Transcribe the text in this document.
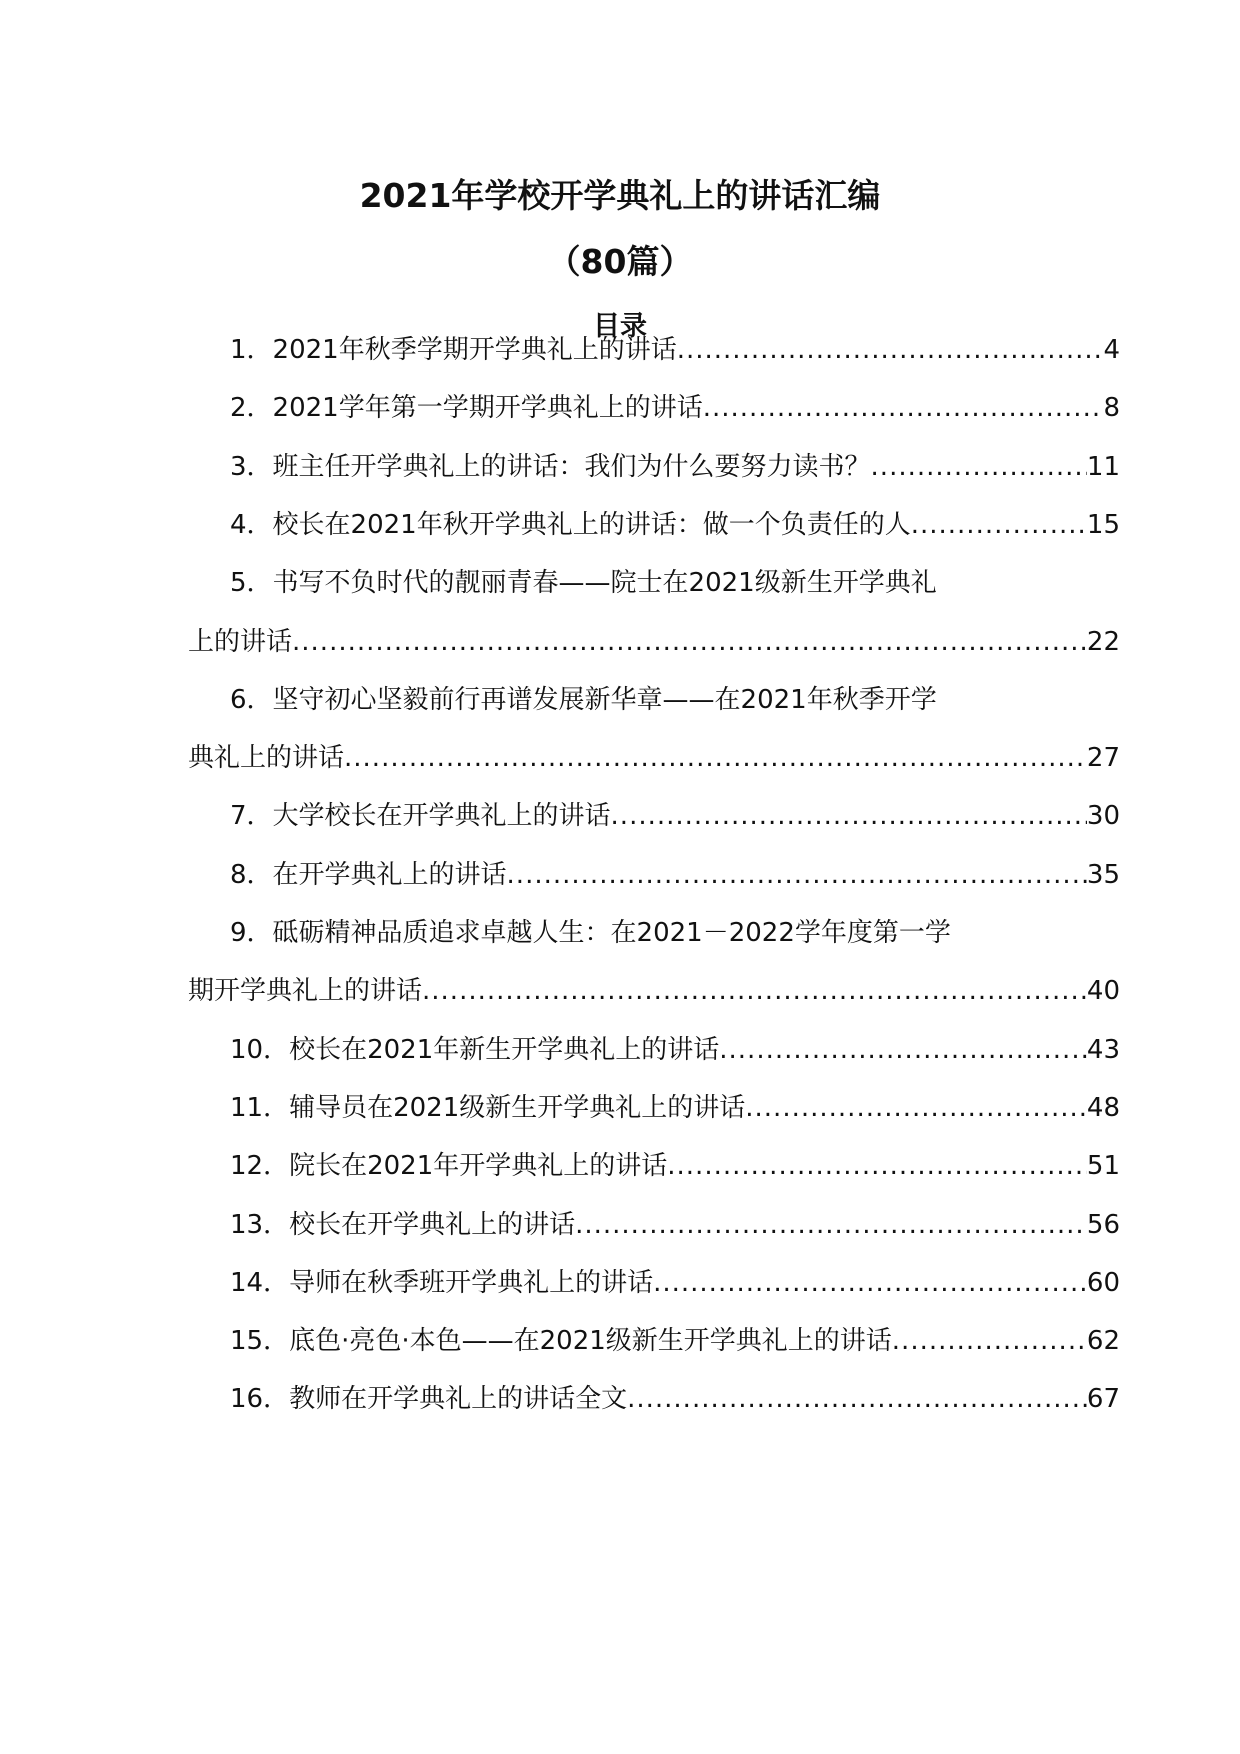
2021年学校开学典礼上的讲话汇编
（80篇）
目录
1．2021年秋季学期开学典礼上的讲话 .....	4
2．2021学年第一学期开学典礼上的讲话 .....	8
3．班主任开学典礼上的讲话：我们为什么要努力读书？ .....	11
4．校长在2021年秋开学典礼上的讲话：做一个负责任的人 .....	15
5．书写不负时代的靓丽青春——院士在2021级新生开学典礼
上的讲话 .....	22
6．坚守初心坚毅前行再谱发展新华章——在2021年秋季开学
典礼上的讲话 .....	27
7．大学校长在开学典礼上的讲话 .....	30
8．在开学典礼上的讲话 .....	35
9．砥砺精神品质追求卓越人生：在2021－2022学年度第一学
期开学典礼上的讲话 .....	40
10．校长在2021年新生开学典礼上的讲话 .....	43
11．辅导员在2021级新生开学典礼上的讲话 .....	48
12．院长在2021年开学典礼上的讲话 .....	51
13．校长在开学典礼上的讲话 .....	56
14．导师在秋季班开学典礼上的讲话 .....	60
15．底色·亮色·本色——在2021级新生开学典礼上的讲话 .....	62
16．教师在开学典礼上的讲话全文 .....	67
